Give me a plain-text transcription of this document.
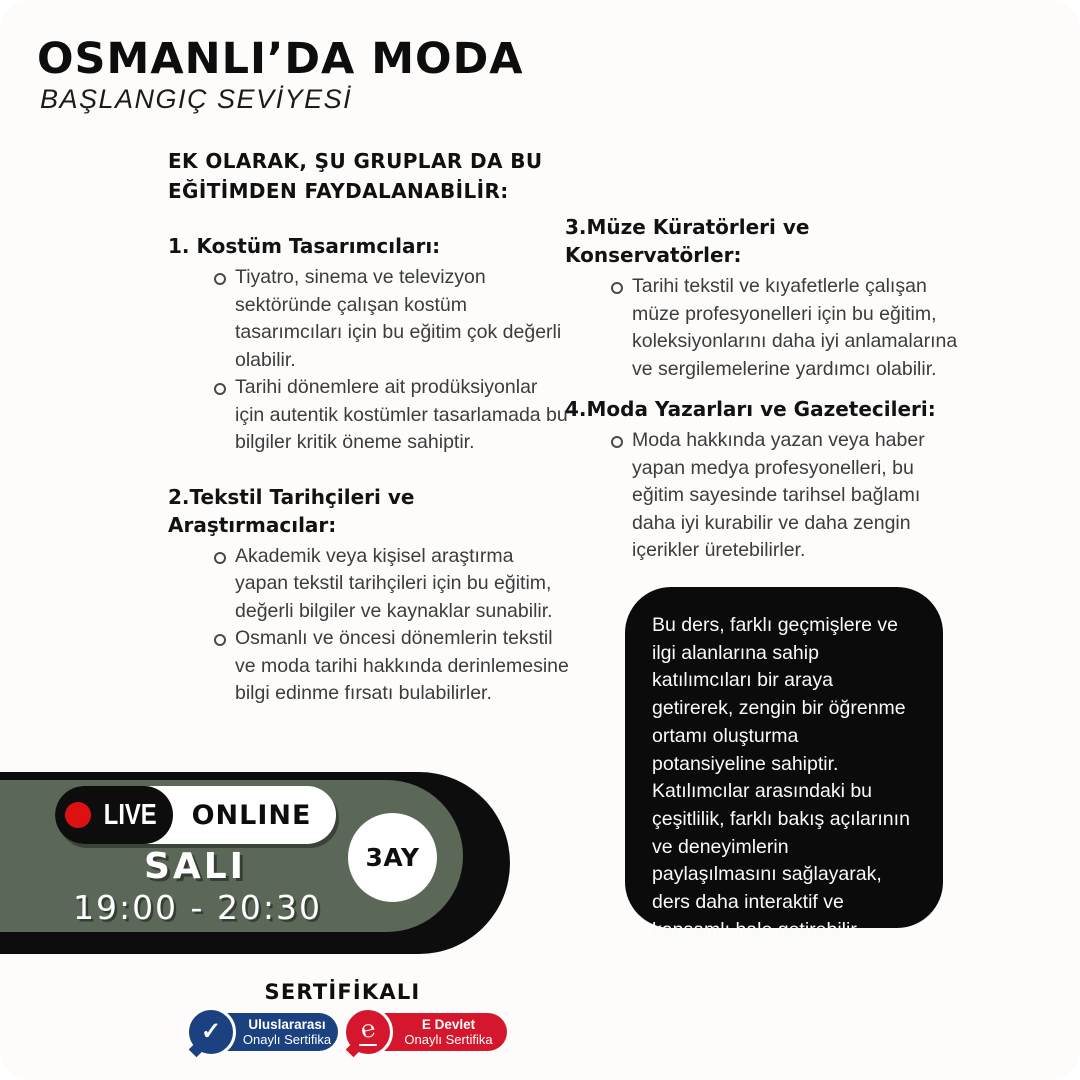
OSMANLI’DA MODA
BAŞLANGIÇ SEVİYESİ
EK OLARAK, ŞU GRUPLAR DA BU EĞİTİMDEN FAYDALANABİLİR:
1. Kostüm Tasarımcıları:
Tiyatro, sinema ve televizyon sektöründe çalışan kostüm tasarımcıları için bu eğitim çok değerli olabilir.
Tarihi dönemlere ait prodüksiyonlar için autentik kostümler tasarlamada bu bilgiler kritik öneme sahiptir.
2.Tekstil Tarihçileri ve Araştırmacılar:
Akademik veya kişisel araştırma yapan tekstil tarihçileri için bu eğitim, değerli bilgiler ve kaynaklar sunabilir.
Osmanlı ve öncesi dönemlerin tekstil ve moda tarihi hakkında derinlemesine bilgi edinme fırsatı bulabilirler.
3.Müze Küratörleri ve Konservatörler:
Tarihi tekstil ve kıyafetlerle çalışan müze profesyonelleri için bu eğitim, koleksiyonlarını daha iyi anlamalarına ve sergilemelerine yardımcı olabilir.
4.Moda Yazarları ve Gazetecileri:
Moda hakkında yazan veya haber yapan medya profesyonelleri, bu eğitim sayesinde tarihsel bağlamı daha iyi kurabilir ve daha zengin içerikler üretebilirler.
Bu ders, farklı geçmişlere ve ilgi alanlarına sahip katılımcıları bir araya getirerek, zengin bir öğrenme ortamı oluşturma potansiyeline sahiptir. Katılımcılar arasındaki bu çeşitlilik, farklı bakış açılarının ve deneyimlerin paylaşılmasını sağlayarak, ders daha interaktif ve kapsamlı hale getirebilir.
LIVE	ONLINE
SALI
19:00 - 20:30
3AY
SERTİFİKALI
Uluslararası
Onaylı Sertifika
✓	E Devlet
Onaylı Sertifika
℮
